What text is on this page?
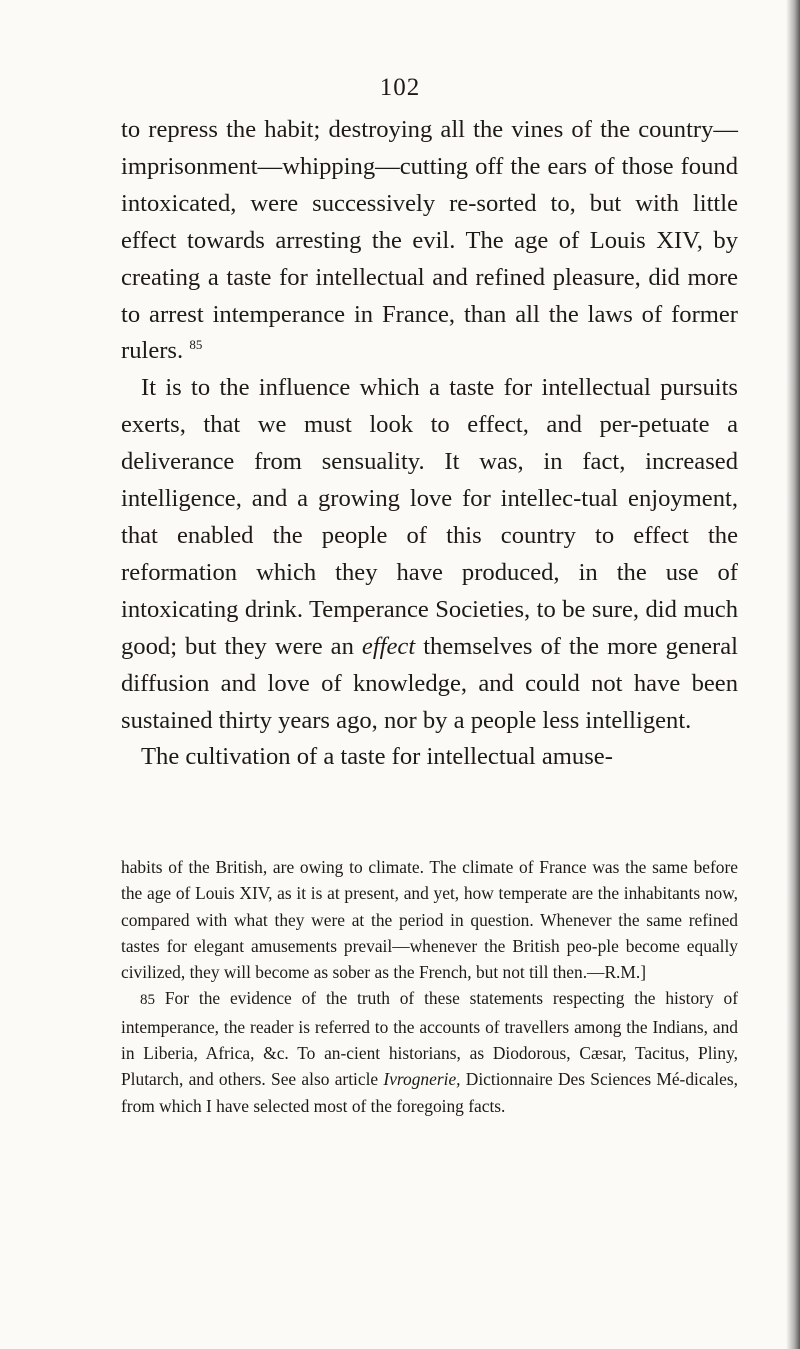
102

to repress the habit; destroying all the vines of the country—imprisonment—whipping—cutting off the ears of those found intoxicated, were successively re-sorted to, but with little effect towards arresting the evil. The age of Louis XIV, by creating a taste for intellectual and refined pleasure, did more to arrest intemperance in France, than all the laws of former rulers. $^{85}$

It is to the influence which a taste for intellectual pursuits exerts, that we must look to effect, and per-petuate a deliverance from sensuality. It was, in fact, increased intelligence, and a growing love for intellec-tual enjoyment, that enabled the people of this country to effect the reformation which they have produced, in the use of intoxicating drink. Temperance Societies, to be sure, did much good; but they were an effect themselves of the more general diffusion and love of knowledge, and could not have been sustained thirty years ago, nor by a people less intelligent.

The cultivation of a taste for intellectual amuse-

habits of the British, are owing to climate. The climate of France was the same before the age of Louis XIV, as it is at present, and yet, how temperate are the inhabitants now, compared with what they were at the period in question. Whenever the same refined tastes for elegant amusements prevail—whenever the British peo-ple become equally civilized, they will become as sober as the French, but not till then.—R.M.]

85 For the evidence of the truth of these statements respecting the history of intemperance, the reader is referred to the accounts of travellers among the Indians, and in Liberia, Africa, &c. To an-cient historians, as Diodorous, Cæsar, Tacitus, Pliny, Plutarch, and others. See also article Ivrognerie, Dictionnaire Des Sciences Mé-dicales, from which I have selected most of the foregoing facts.
